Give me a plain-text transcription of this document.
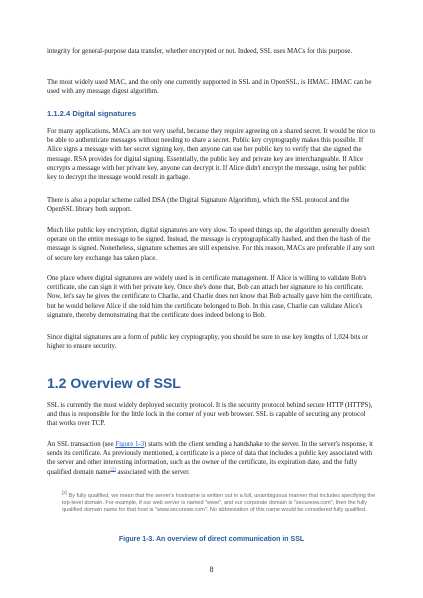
integrity for general-purpose data transfer, whether encrypted or not. Indeed, SSL uses MACs for this purpose.

The most widely used MAC, and the only one currently supported in SSL and in OpenSSL, is HMAC. HMAC can be used with any message digest algorithm.

1.1.2.4 Digital signatures

For many applications, MACs are not very useful, because they require agreeing on a shared secret. It would be nice to be able to authenticate messages without needing to share a secret. Public key cryptography makes this possible. If Alice signs a message with her secret signing key, then anyone can use her public key to verify that she signed the message. RSA provides for digital signing. Essentially, the public key and private key are interchangeable. If Alice encrypts a message with her private key, anyone can decrypt it. If Alice didn't encrypt the message, using her public key to decrypt the message would result in garbage.

There is also a popular scheme called DSA (the Digital Signature Algorithm), which the SSL protocol and the OpenSSL library both support.

Much like public key encryption, digital signatures are very slow. To speed things up, the algorithm generally doesn't operate on the entire message to be signed. Instead, the message is cryptographically hashed, and then the hash of the message is signed. Nonetheless, signature schemes are still expensive. For this reason, MACs are preferable if any sort of secure key exchange has taken place.

One place where digital signatures are widely used is in certificate management. If Alice is willing to validate Bob's certificate, she can sign it with her private key. Once she's done that, Bob can attach her signature to his certificate. Now, let's say he gives the certificate to Charlie, and Charlie does not know that Bob actually gave him the certificate, but he would believe Alice if she told him the certificate belonged to Bob. In this case, Charlie can validate Alice's signature, thereby demonstrating that the certificate does indeed belong to Bob.

Since digital signatures are a form of public key cryptography, you should be sure to use key lengths of 1,024 bits or higher to ensure security.

1.2 Overview of SSL

SSL is currently the most widely deployed security protocol. It is the security protocol behind secure HTTP (HTTPS), and thus is responsible for the little lock in the corner of your web browser. SSL is capable of securing any protocol that works over TCP.

An SSL transaction (see Figure 1-3) starts with the client sending a handshake to the server. In the server's response, it sends its certificate. As previously mentioned, a certificate is a piece of data that includes a public key associated with the server and other interesting information, such as the owner of the certificate, its expiration date, and the fully qualified domain name[2] associated with the server.

[2] By fully qualified, we mean that the server's hostname is written out in a full, unambiguous manner that includes specifying the top-level domain. For example, if our web server is named "www", and our corporate domain is "securesw.com", then the fully qualified domain name for that host is "www.securesw.com". No abbreviation of this name would be considered fully qualified.

Figure 1-3. An overview of direct communication in SSL

8
